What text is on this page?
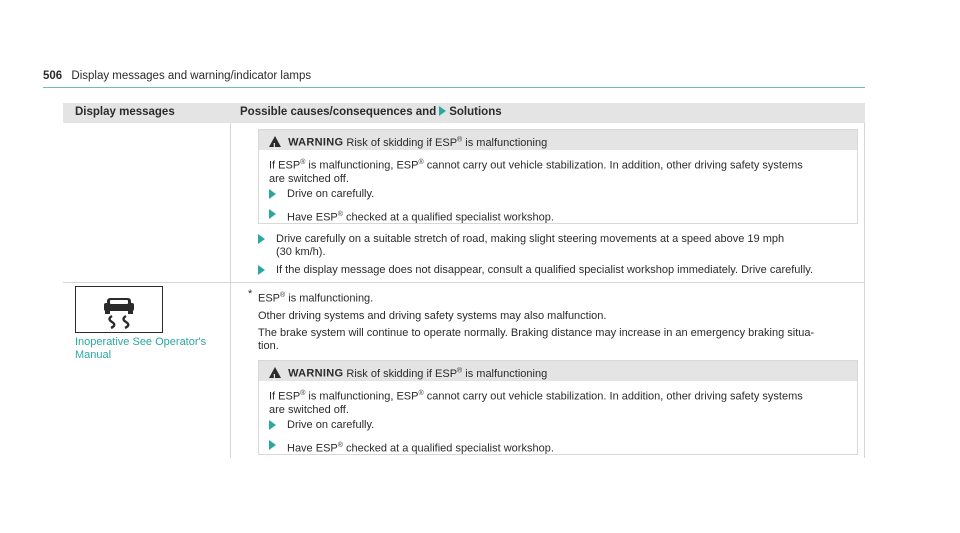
506 Display messages and warning/indicator lamps
Display messages	Possible causes/consequences and Solutions
! WARNING Risk of skidding if ESP® is malfunctioning
If ESP® is malfunctioning, ESP® cannot carry out vehicle stabilization. In addition, other driving safety systems
are switched off.
Drive on carefully.
Have ESP® checked at a qualified specialist workshop.
Drive carefully on a suitable stretch of road, making slight steering movements at a speed above 19 mph
(30 km/h).
If the display message does not disappear, consult a qualified specialist workshop immediately. Drive carefully.
Inoperative See Operator's
Manual
* ESP® is malfunctioning.
Other driving systems and driving safety systems may also malfunction.
The brake system will continue to operate normally. Braking distance may increase in an emergency braking situa-
tion.
! WARNING Risk of skidding if ESP® is malfunctioning
If ESP® is malfunctioning, ESP® cannot carry out vehicle stabilization. In addition, other driving safety systems
are switched off.
Drive on carefully.
Have ESP® checked at a qualified specialist workshop.
